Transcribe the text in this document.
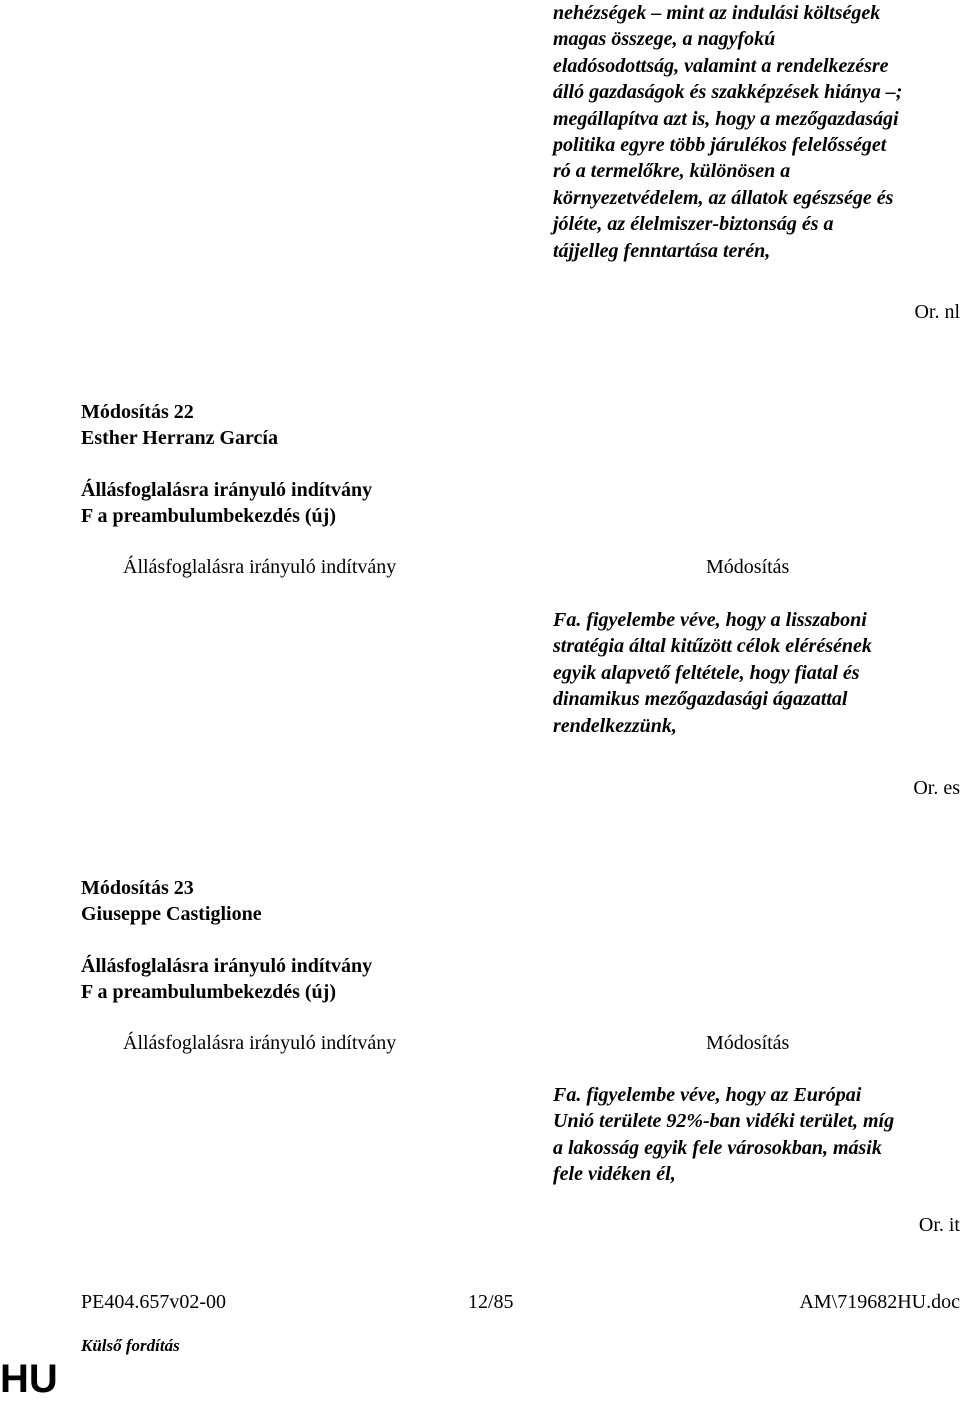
nehézségek – mint az indulási költségek
magas összege, a nagyfokú
eladósodottság, valamint a rendelkezésre
álló gazdaságok és szakképzések hiánya –;
megállapítva azt is, hogy a mezőgazdasági
politika egyre több járulékos felelősséget
ró a termelőkre, különösen a
környezetvédelem, az állatok egészsége és
jóléte, az élelmiszer-biztonság és a
tájjelleg fenntartása terén,
Or. nl
Módosítás 22
Esther Herranz García
Állásfoglalásra irányuló indítvány
F a preambulumbekezdés (új)
Állásfoglalásra irányuló indítvány	Módosítás
Fa. figyelembe véve, hogy a lisszaboni
stratégia által kitűzött célok elérésének
egyik alapvető feltétele, hogy fiatal és
dinamikus mezőgazdasági ágazattal
rendelkezzünk,
Or. es
Módosítás 23
Giuseppe Castiglione
Állásfoglalásra irányuló indítvány
F a preambulumbekezdés (új)
Állásfoglalásra irányuló indítvány	Módosítás
Fa. figyelembe véve, hogy az Európai
Unió területe 92%-ban vidéki terület, míg
a lakosság egyik fele városokban, másik
fele vidéken él,
Or. it
PE404.657v02-00	12/85	AM\719682HU.doc
Külső fordítás
HU
